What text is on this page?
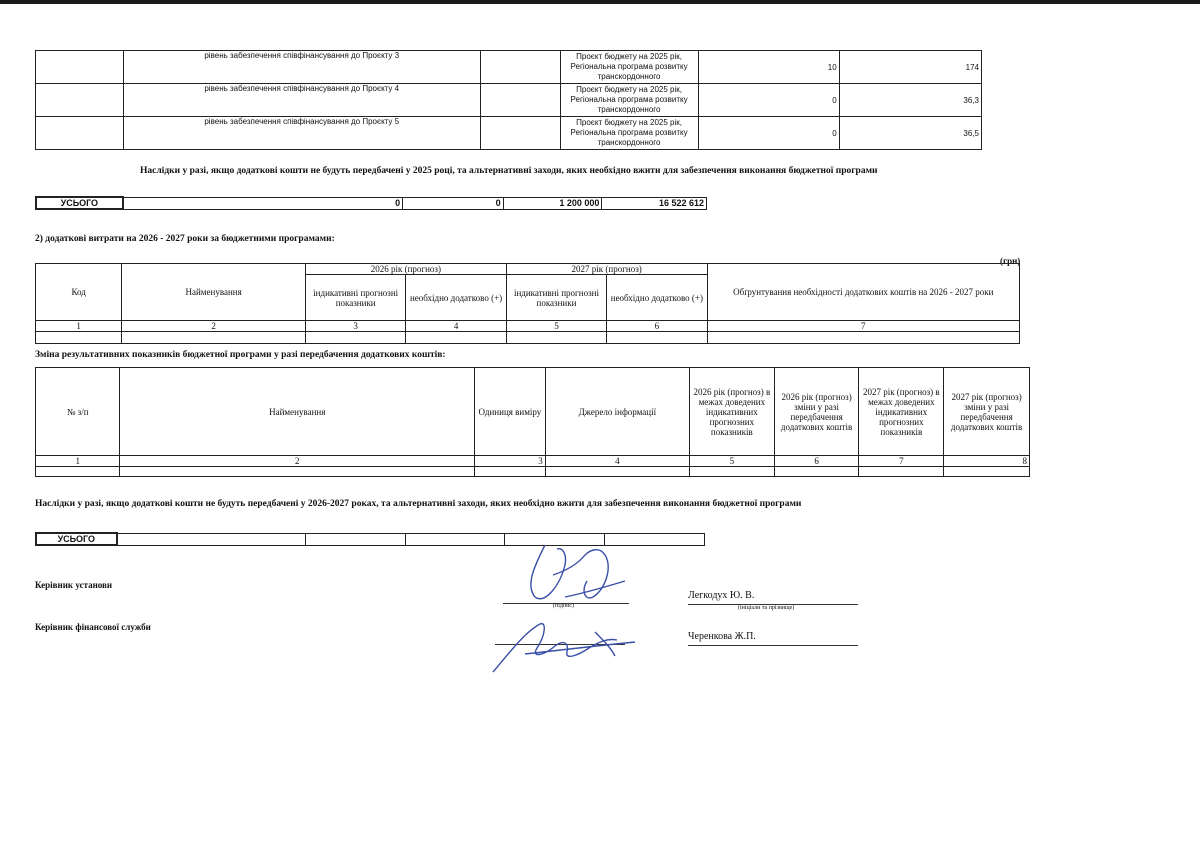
	рівень забезпечення співфінансування до Проєкту 3		Проєкт бюджету на 2025 рік,
Регіональна програма розвитку
транскордонного	10	174
	рівень забезпечення співфінансування до Проєкту 4		Проєкт бюджету на 2025 рік,
Регіональна програма розвитку
транскордонного	0	36,3
	рівень забезпечення співфінансування до Проєкту 5		Проєкт бюджету на 2025 рік,
Регіональна програма розвитку
транскордонного	0	36,5
Наслідки у разі, якщо додаткові кошти не будуть передбачені у 2025 році, та альтернативні заходи, яких необхідно вжити для забезпечення виконання бюджетної програми
УСЬОГО	0	0	1 200 000	16 522 612
2) додаткові витрати на 2026 - 2027 роки за бюджетними програмами:
(грн)
Код	Найменування	2026 рік (прогноз)		2027 рік (прогноз)		Обґрунтування необхідності додаткових коштів на 2026 - 2027 роки
		індикативні прогнозні показники	необхідно додатково (+)	індикативні прогнозні показники	необхідно додатково (+)	
1	2	3	4	5	6	7

Зміна результативних показників бюджетної програми у разі передбачення додаткових коштів:
№ з/п	Найменування	Одиниця виміру	Джерело інформації	2026 рік (прогноз) в межах доведених індикативних прогнозних показників	2026 рік (прогноз) зміни у разі передбачення додаткових коштів	2027 рік (прогноз) в межах доведених індикативних прогнозних показників	2027 рік (прогноз) зміни у разі передбачення додаткових коштів
1	2	3	4	5	6	7	8

Наслідки у разі, якщо додаткові кошти не будуть передбачені у 2026-2027 роках, та альтернативні заходи, яких необхідно вжити для забезпечення виконання бюджетної програми
УСЬОГО					
Керівник установи
(підпис)
Легкодух Ю. В.
(ініціали та прізвище)
Керівник фінансової служби
Черенкова Ж.П.
